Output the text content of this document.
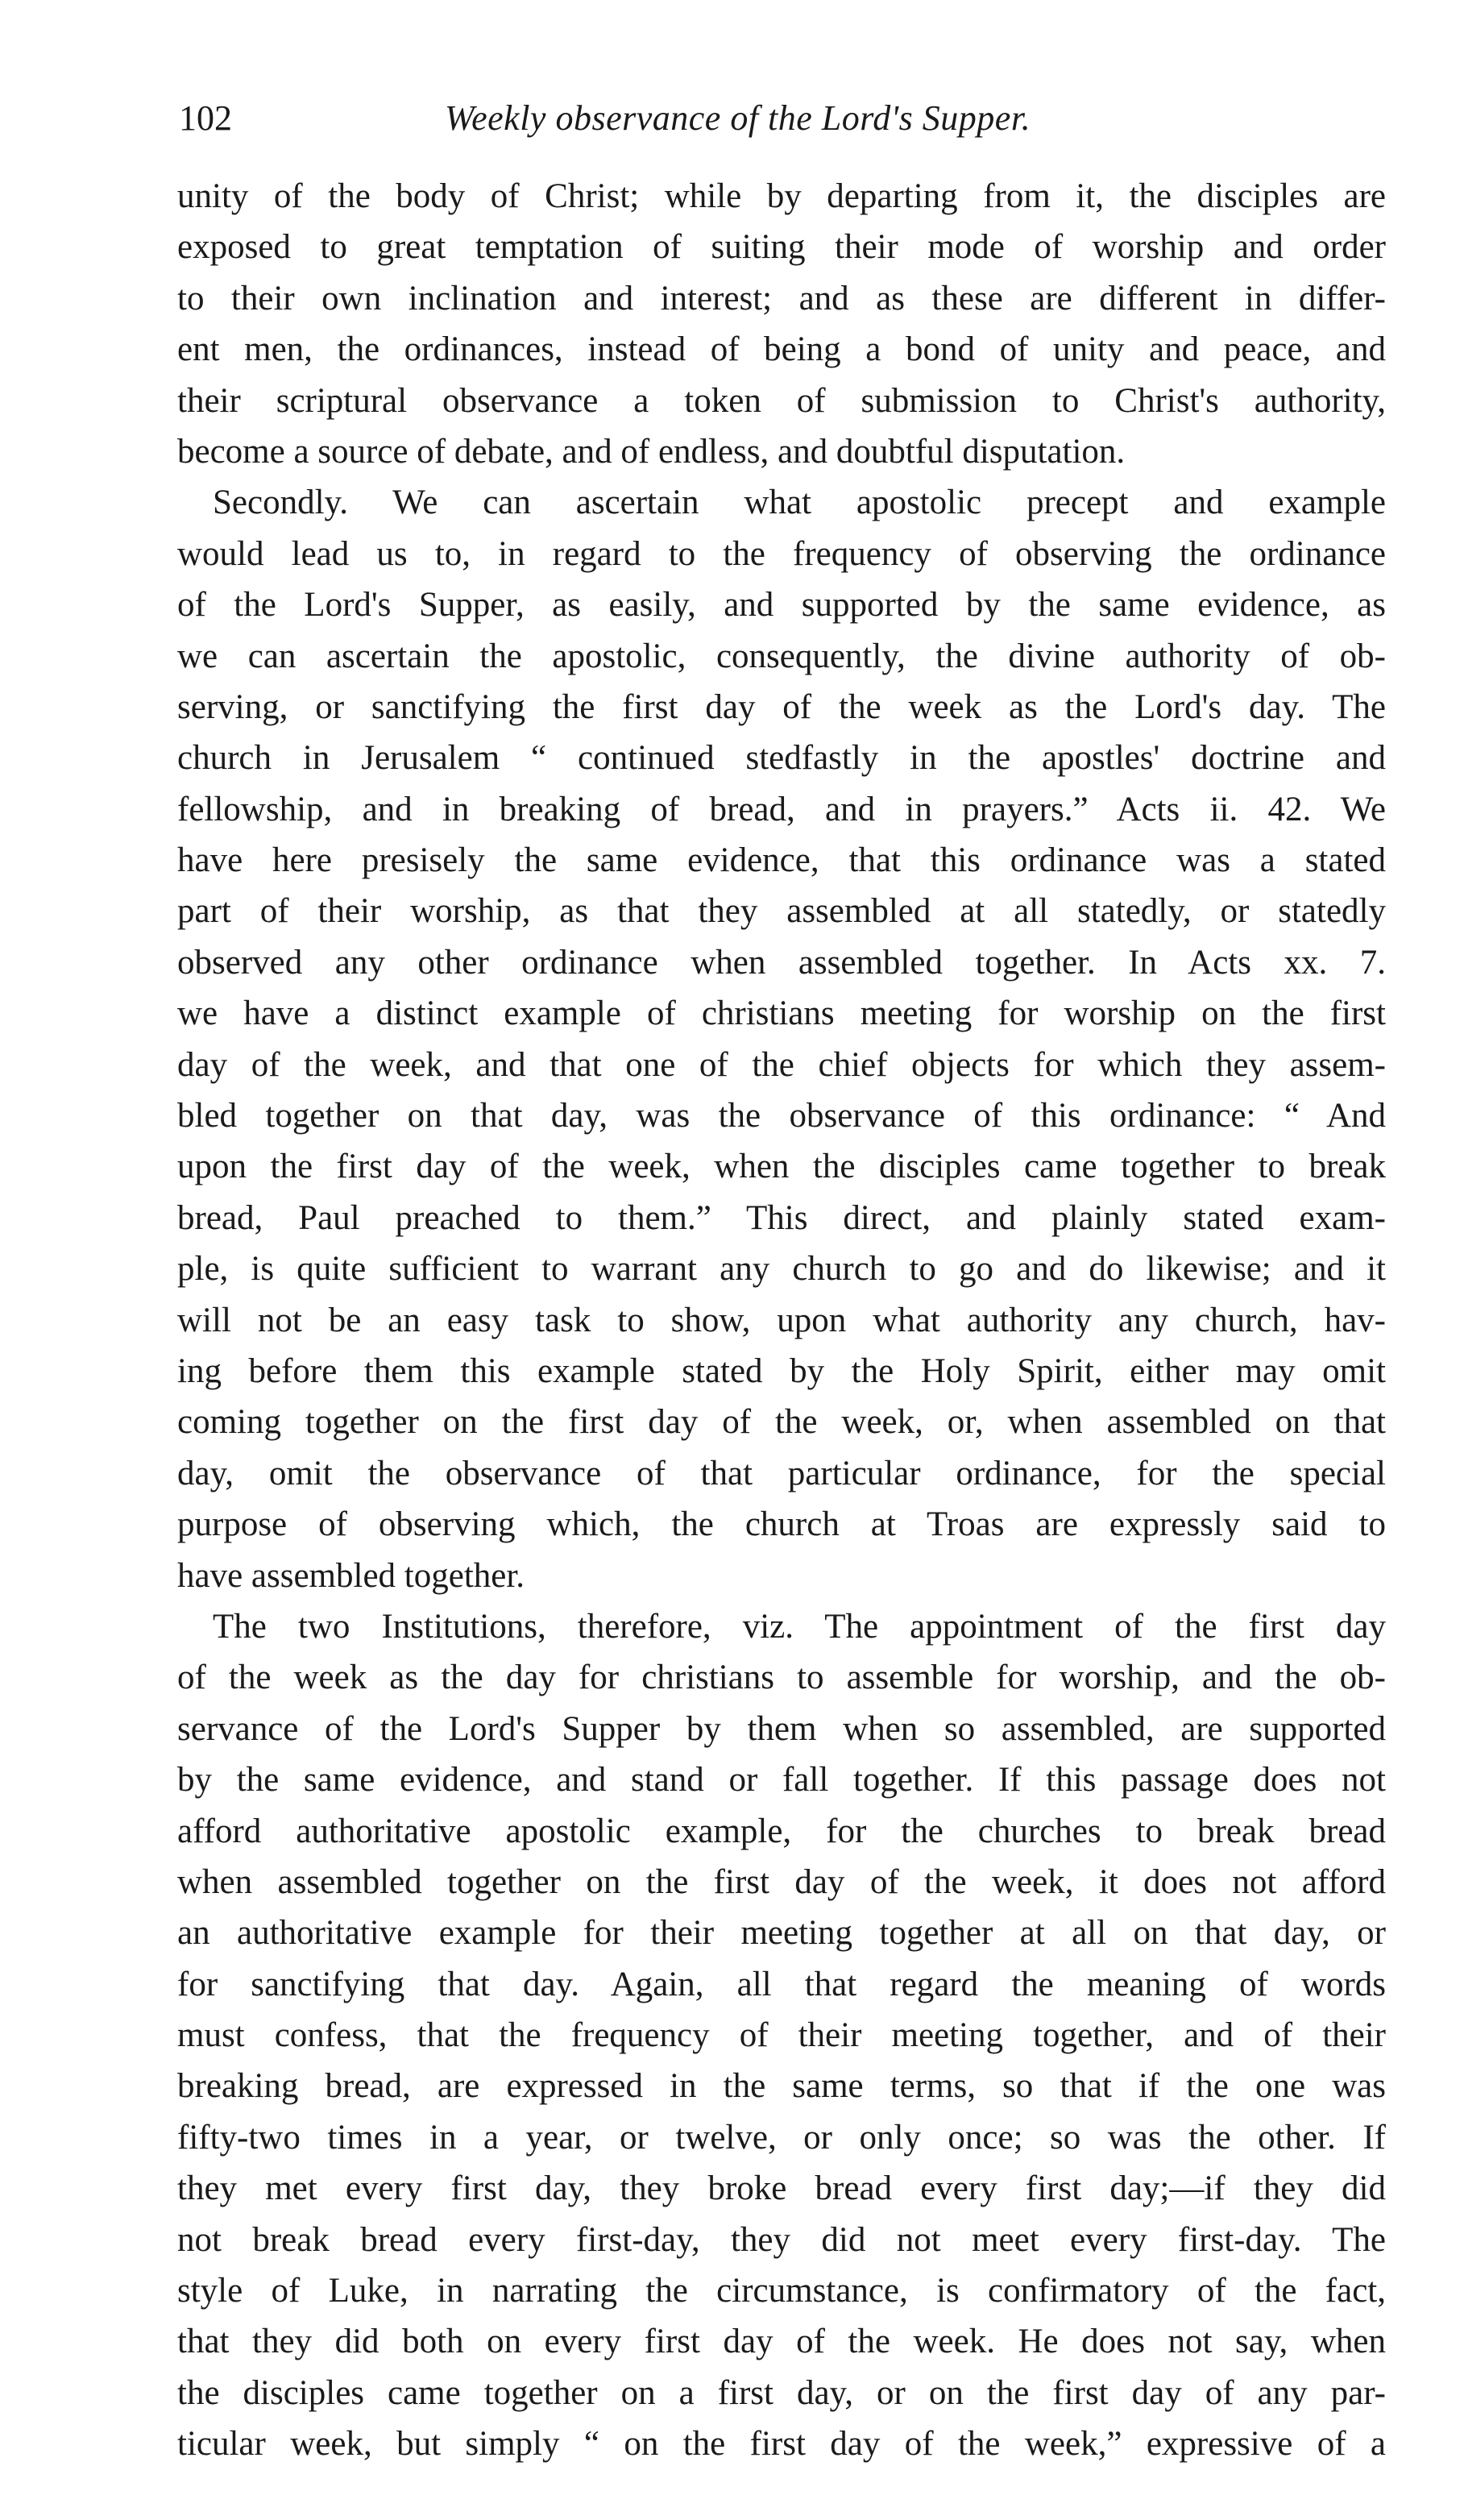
102	Weekly observance of the Lord's Supper.
unity of the body of Christ; while by departing from it, the disciples are
exposed to great temptation of suiting their mode of worship and order
to their own inclination and interest; and as these are different in differ-
ent men, the ordinances, instead of being a bond of unity and peace, and
their scriptural observance a token of submission to Christ's authority,
become a source of debate, and of endless, and doubtful disputation.
Secondly. We can ascertain what apostolic precept and example
would lead us to, in regard to the frequency of observing the ordinance
of the Lord's Supper, as easily, and supported by the same evidence, as
we can ascertain the apostolic, consequently, the divine authority of ob-
serving, or sanctifying the first day of the week as the Lord's day. The
church in Jerusalem “ continued stedfastly in the apostles' doctrine and
fellowship, and in breaking of bread, and in prayers.” Acts ii. 42. We
have here presisely the same evidence, that this ordinance was a stated
part of their worship, as that they assembled at all statedly, or statedly
observed any other ordinance when assembled together. In Acts xx. 7.
we have a distinct example of christians meeting for worship on the first
day of the week, and that one of the chief objects for which they assem-
bled together on that day, was the observance of this ordinance: “ And
upon the first day of the week, when the disciples came together to break
bread, Paul preached to them.” This direct, and plainly stated exam-
ple, is quite sufficient to warrant any church to go and do likewise; and it
will not be an easy task to show, upon what authority any church, hav-
ing before them this example stated by the Holy Spirit, either may omit
coming together on the first day of the week, or, when assembled on that
day, omit the observance of that particular ordinance, for the special
purpose of observing which, the church at Troas are expressly said to
have assembled together.
The two Institutions, therefore, viz. The appointment of the first day
of the week as the day for christians to assemble for worship, and the ob-
servance of the Lord's Supper by them when so assembled, are supported
by the same evidence, and stand or fall together. If this passage does not
afford authoritative apostolic example, for the churches to break bread
when assembled together on the first day of the week, it does not afford
an authoritative example for their meeting together at all on that day, or
for sanctifying that day. Again, all that regard the meaning of words
must confess, that the frequency of their meeting together, and of their
breaking bread, are expressed in the same terms, so that if the one was
fifty-two times in a year, or twelve, or only once; so was the other. If
they met every first day, they broke bread every first day;—if they did
not break bread every first-day, they did not meet every first-day. The
style of Luke, in narrating the circumstance, is confirmatory of the fact,
that they did both on every first day of the week. He does not say, when
the disciples came together on a first day, or on the first day of any par-
ticular week, but simply “ on the first day of the week,” expressive of a
